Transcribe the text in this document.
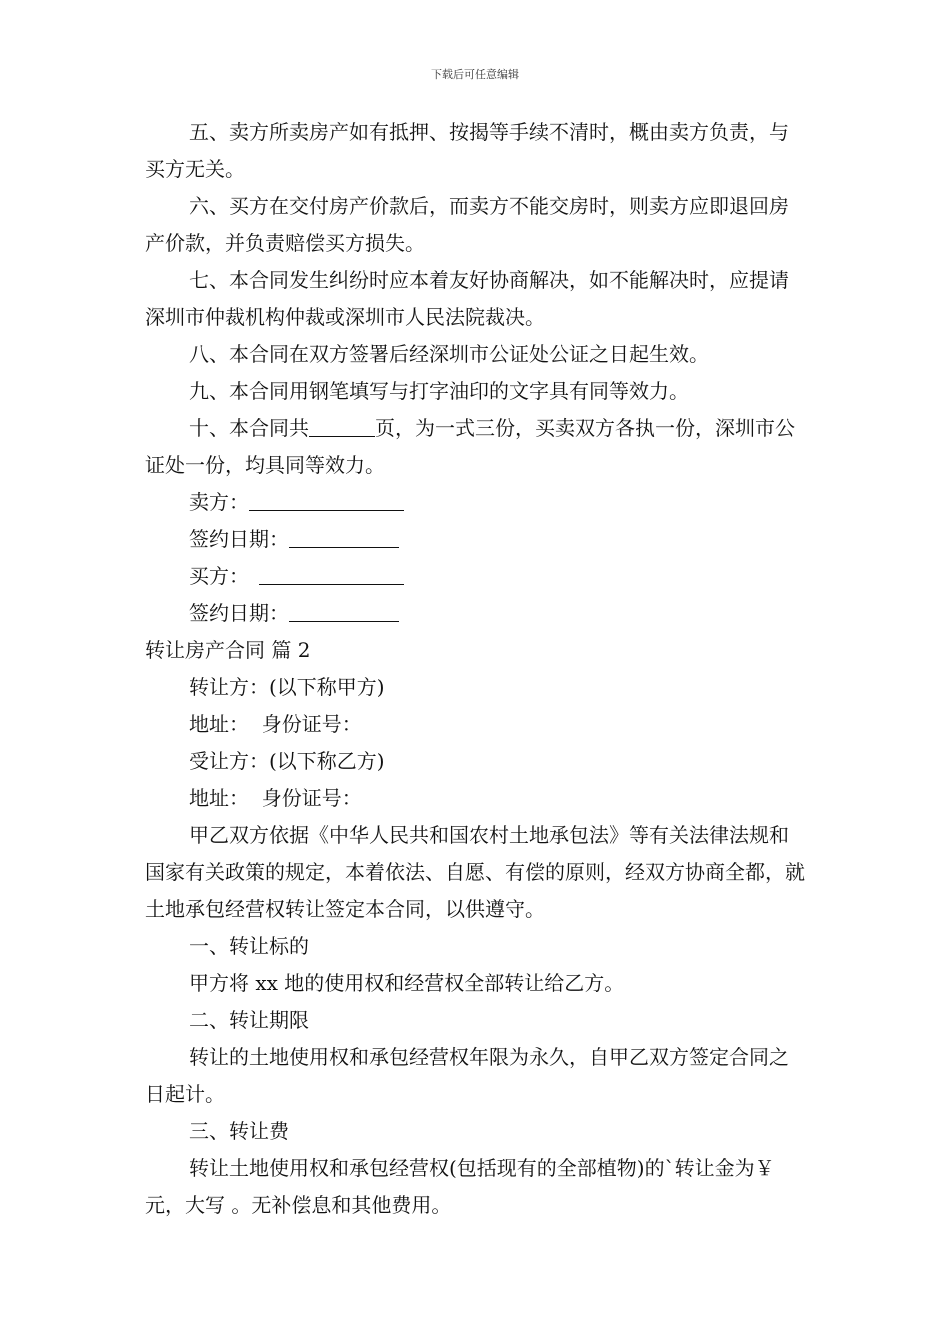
下载后可任意编辑

五、卖方所卖房产如有抵押、按揭等手续不清时，概由卖方负责，与买方无关。

六、买方在交付房产价款后，而卖方不能交房时，则卖方应即退回房产价款，并负责赔偿买方损失。

七、本合同发生纠纷时应本着友好协商解决，如不能解决时，应提请深圳市仲裁机构仲裁或深圳市人民法院裁决。

八、本合同在双方签署后经深圳市公证处公证之日起生效。

九、本合同用钢笔填写与打字油印的文字具有同等效力。

十、本合同共	页，为一式三份，买卖双方各执一份，深圳市公证处一份，均具同等效力。

卖方：

签约日期：

买方：

签约日期：

转让房产合同 篇 2

转让方：(以下称甲方)

地址：  身份证号：

受让方：(以下称乙方)

地址：  身份证号：

甲乙双方依据《中华人民共和国农村土地承包法》等有关法律法规和国家有关政策的规定，本着依法、自愿、有偿的原则，经双方协商全都，就土地承包经营权转让签定本合同，以供遵守。

一、转让标的

甲方将 xx 地的使用权和经营权全部转让给乙方。

二、转让期限

转让的土地使用权和承包经营权年限为永久，自甲乙双方签定合同之日起计。

三、转让费

转让土地使用权和承包经营权(包括现有的全部植物)的`转让金为￥ 元，大写 。无补偿息和其他费用。
